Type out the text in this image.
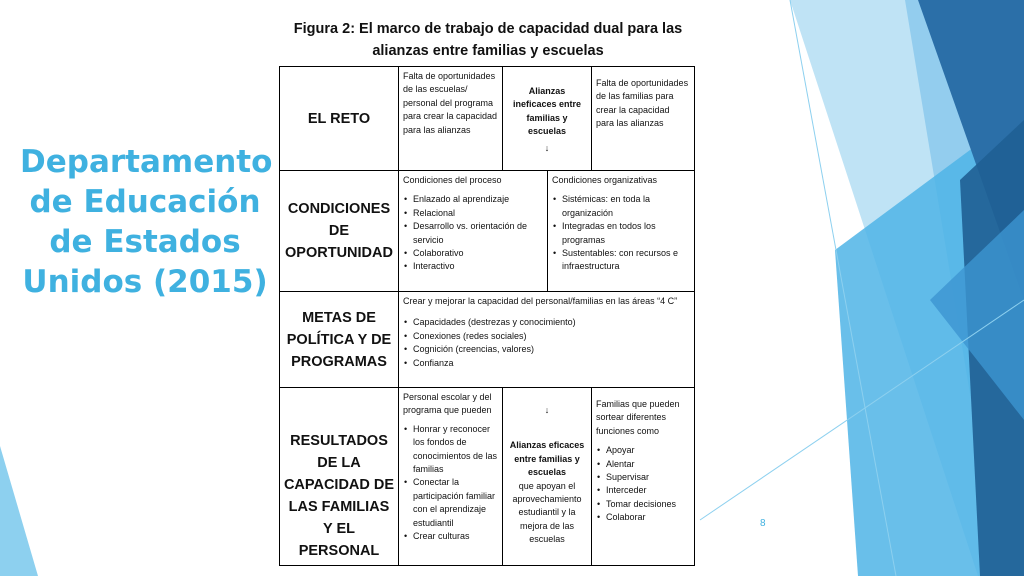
Departamento de Educación de Estados Unidos (2015)
Figura 2: El marco de trabajo de capacidad dual para las alianzas entre familias y escuelas
EL RETO
Falta de oportunidades de las escuelas/ personal del programa para crear la capacidad para las alianzas
Alianzas ineficaces entre familias y escuelas
↓
Falta de oportunidades de las familias para crear la capacidad para las alianzas
CONDICIONES DE OPORTUNIDAD
Condiciones del proceso
• Enlazado al aprendizaje
• Relacional
• Desarrollo vs. orientación de servicio
• Colaborativo
• Interactivo
Condiciones organizativas
• Sistémicas: en toda la organización
• Integradas en todos los programas
• Sustentables: con recursos e infraestructura
METAS DE POLÍTICA Y DE PROGRAMAS
Crear y mejorar la capacidad del personal/familias en las áreas “4 C”
• Capacidades (destrezas y conocimiento)
• Conexiones (redes sociales)
• Cognición (creencias, valores)
• Confianza
RESULTADOS DE LA CAPACIDAD DE LAS FAMILIAS Y EL PERSONAL
Personal escolar y del programa que pueden
• Honrar y reconocer los fondos de conocimientos de las familias
• Conectar la participación familiar con el aprendizaje estudiantil
• Crear culturas
↓
Alianzas eficaces entre familias y escuelas
que apoyan el aprovechamiento estudiantil y la mejora de las escuelas
Familias que pueden sortear diferentes funciones como
• Apoyar
• Alentar
• Supervisar
• Interceder
• Tomar decisiones
• Colaborar
8
